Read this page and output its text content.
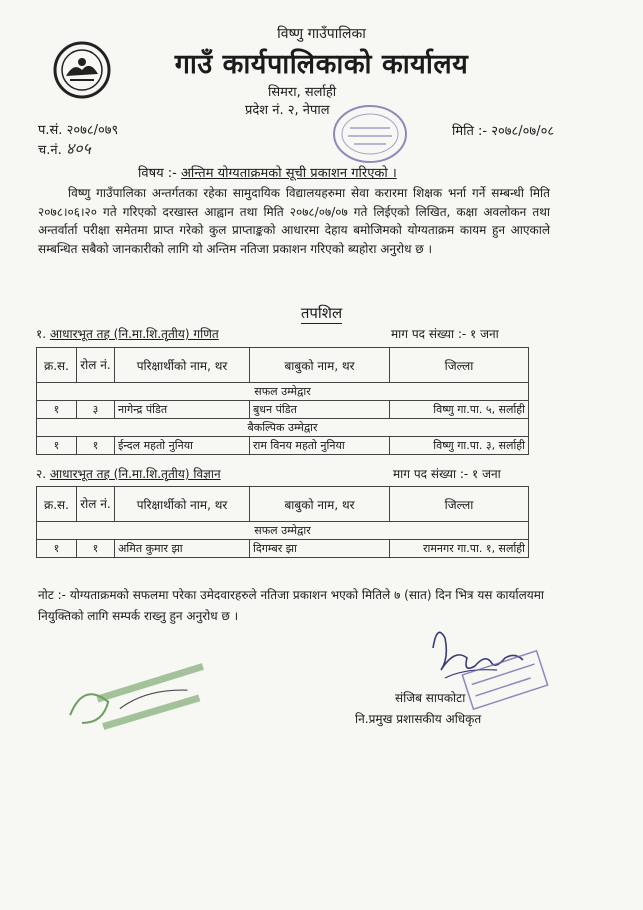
विष्णु गाउँपालिका
गाउँ कार्यपालिकाको कार्यालय
सिमरा, सर्लाही
प्रदेश नं. २, नेपाल
प.सं. २०७८/०७९
च.नं. ४०५
मिति :- २०७८/०७/०८
विषय :- अन्तिम योग्यताक्रमको सूची प्रकाशन गरिएको ।
विष्णु गाउँपालिका अन्तर्गतका रहेका सामुदायिक विद्यालयहरुमा सेवा करारमा शिक्षक भर्ना गर्ने सम्बन्धी मिति २०७८।०६।२० गते गरिएको दरखास्त आह्वान तथा मिति २०७८/०७/०७ गते लिईएको लिखित, कक्षा अवलोकन तथा अन्तर्वार्ता परीक्षा समेतमा प्राप्त गरेको कुल प्राप्ताङ्कको आधारमा देहाय बमोजिमको योग्यताक्रम कायम हुन आएकाले सम्बन्धित सबैको जानकारीको लागि यो अन्तिम नतिजा प्रकाशन गरिएको ब्यहोरा अनुरोध छ ।
तपशिल
१. आधारभूत तह (नि.मा.शि.तृतीय) गणित	माग पद संख्या :- १ जना
क्र.स.	रोल नं.	परिक्षार्थीको नाम, थर	बाबुको नाम, थर	जिल्ला
सफल उम्मेद्वार				
१	३	नागेन्द्र पंडित	बुधन पंडित	विष्णु गा.पा. ५, सर्लाही
बैकल्पिक उम्मेद्वार				
१	१	ईन्दल महतो नुनिया	राम विनय महतो नुनिया	विष्णु गा.पा. ३, सर्लाही
२. आधारभूत तह (नि.मा.शि.तृतीय) विज्ञान	माग पद संख्या :- १ जना
क्र.स.	रोल नं.	परिक्षार्थीको नाम, थर	बाबुको नाम, थर	जिल्ला
सफल उम्मेद्वार				
१	१	अमित कुमार झा	दिगम्बर झा	रामनगर गा.पा. १, सर्लाही
नोट :- योग्यताक्रमको सफलमा परेका उमेदवारहरुले नतिजा प्रकाशन भएको मितिले ७ (सात) दिन भित्र यस कार्यालयमा नियुक्तिको लागि सम्पर्क राख्नु हुन अनुरोध छ ।
संजिब सापकोटा
नि.प्रमुख प्रशासकीय अधिकृत
